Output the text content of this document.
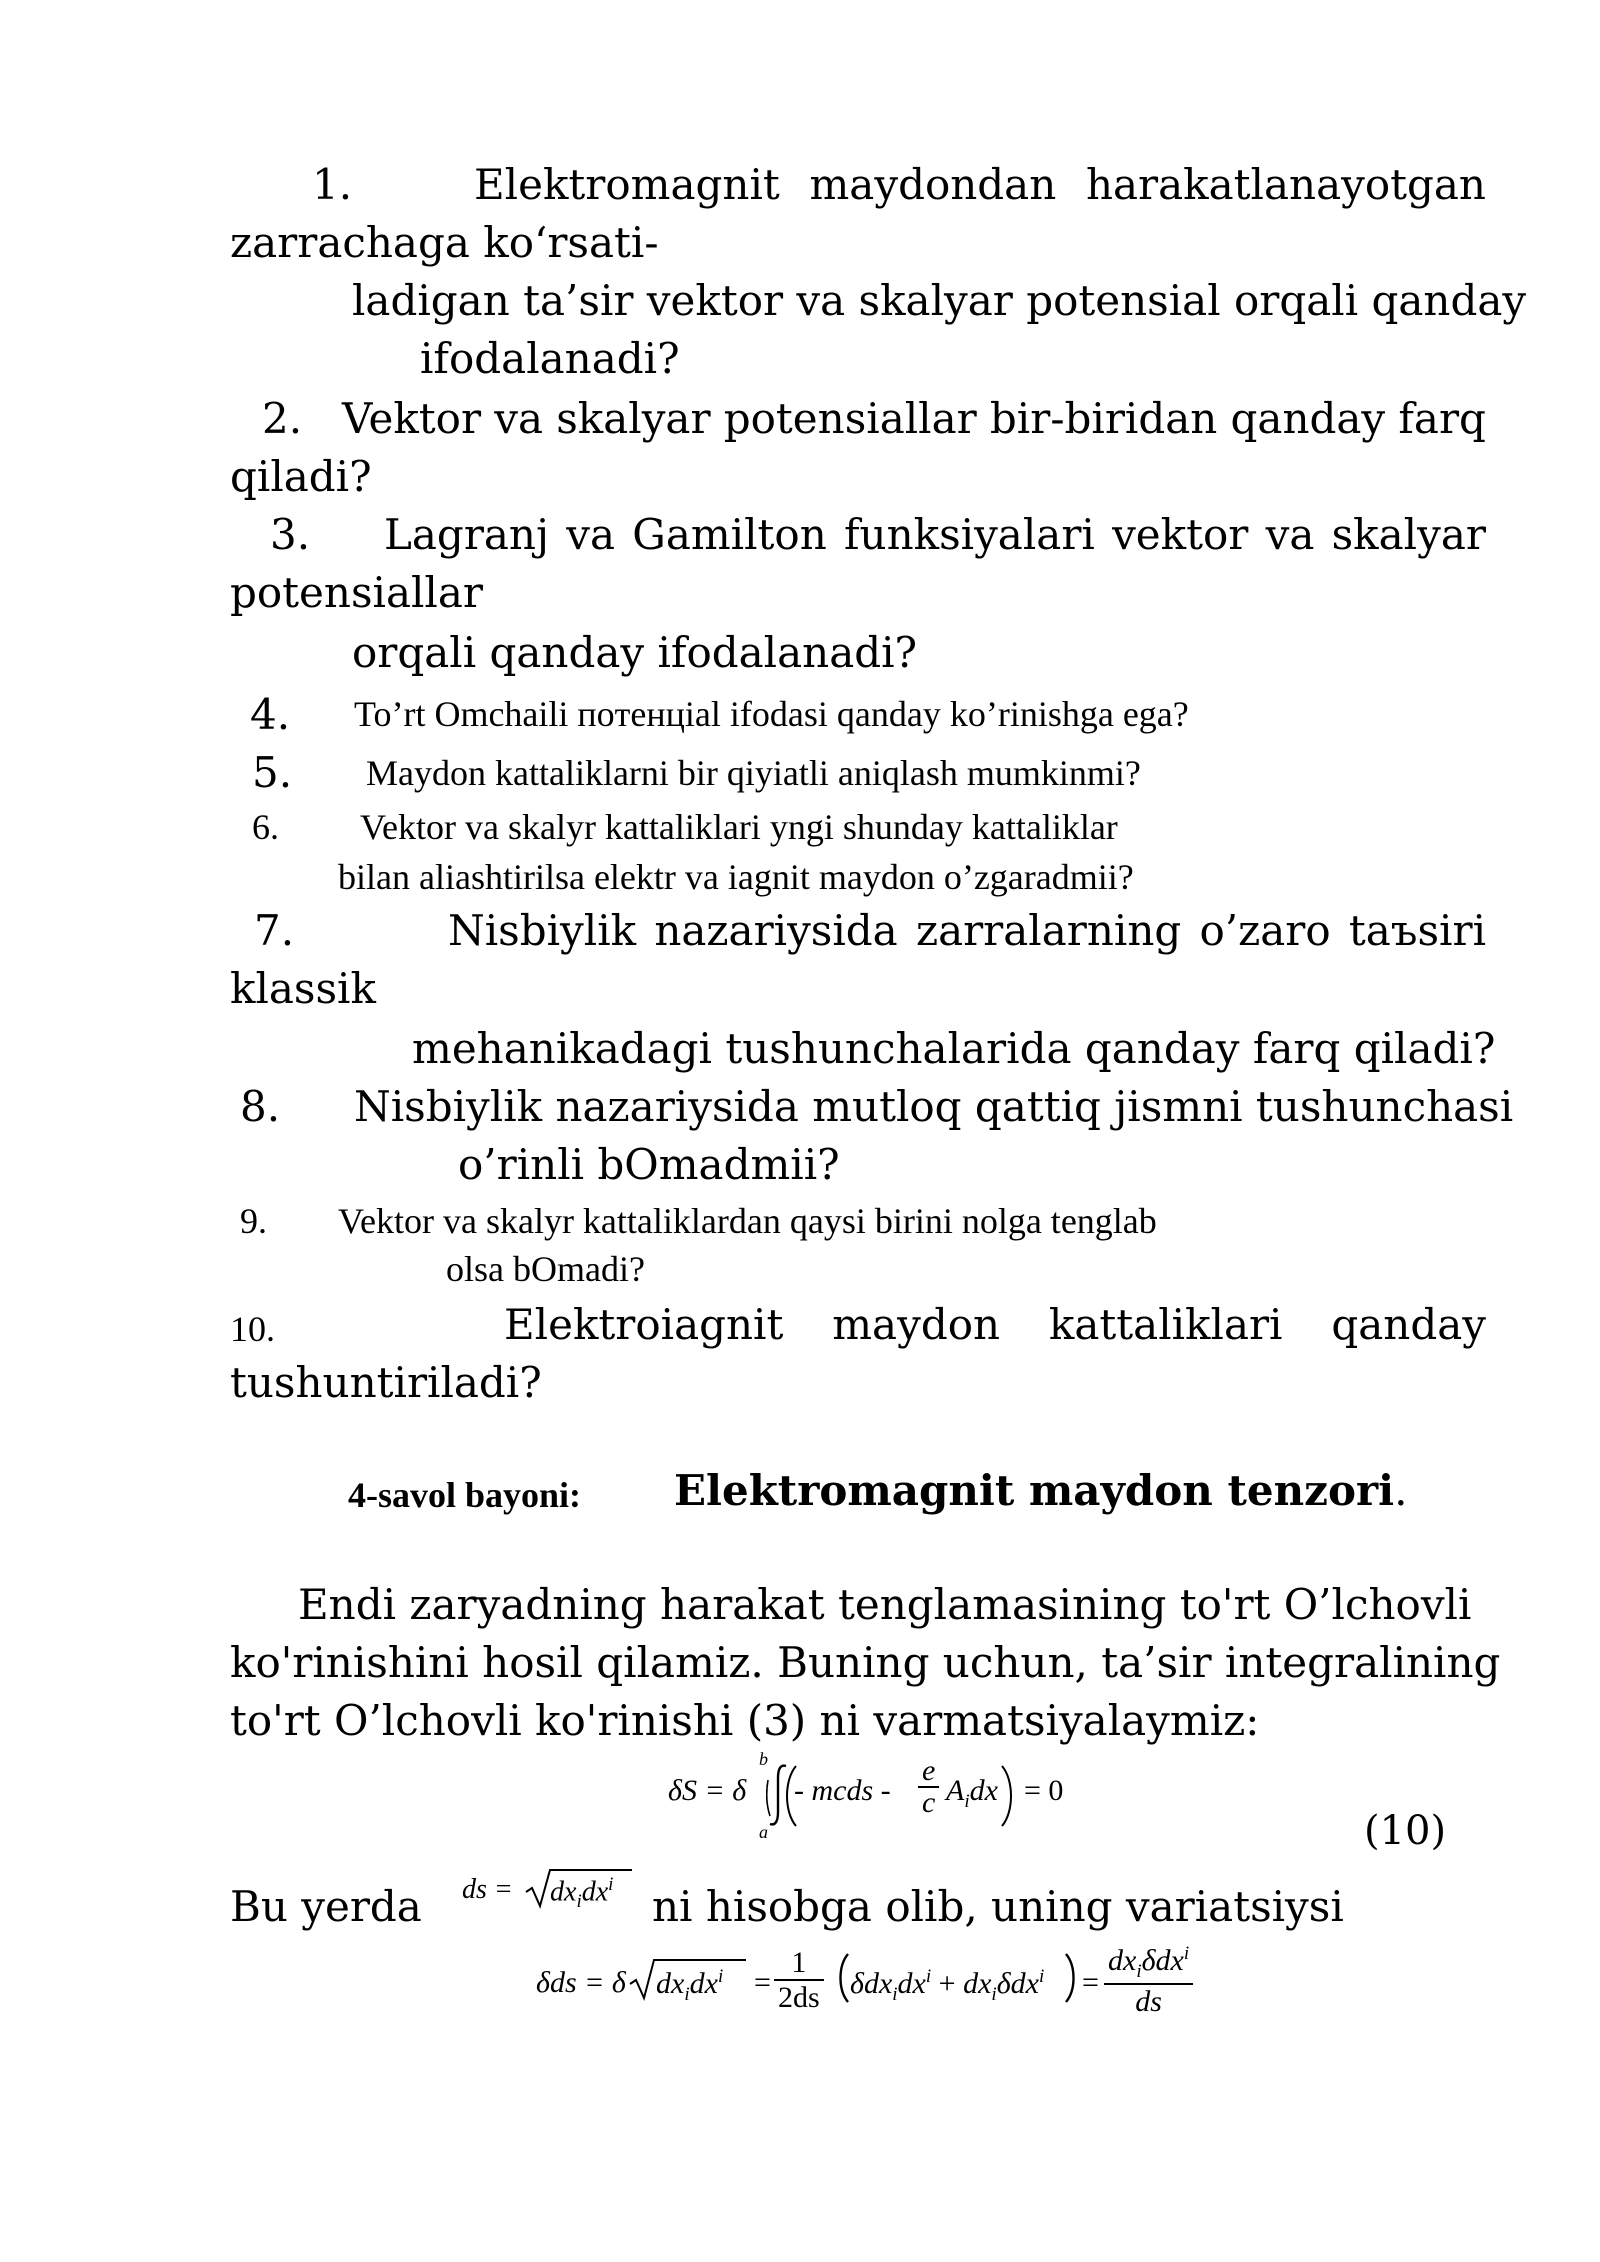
1.	Elektromagnit maydondan harakatlanayotgan
zarrachaga ko‘rsati-
ladigan ta’sir vektor va skalyar potensial orqali qanday
ifodalanadi?
2. Vektor va skalyar potensiallar bir-biridan qanday farq
qiladi?
3. Lagranj va Gamilton funksiyalari vektor va skalyar
potensiallar
orqali qanday ifodalanadi?
4. To’rt Omchaili пoтeнцial ifodasi qanday ko’rinishga ega?
5. Maydon kattaliklarni bir qiyiatli aniqlash mumkinmi?
6. Vektor va skalyr kattaliklari yngi shunday kattaliklar
bilan aliashtirilsa elektr va iagnit maydon o’zgaradmii?
7.	Nisbiylik nazariysida zarralarning o’zaro taъsiri
klassik
mehanikadagi tushunchalarida qanday farq qiladi?
8. Nisbiylik nazariysida mutloq qattiq jismni tushunchasi
o’rinli bOmadmii?
9. Vektor va skalyr kattaliklardan qaysi birini nolga tenglab
olsa bOmadi?
10.	Elektroiagnit maydon kattaliklari qanday
tushuntiriladi?
4-savol bayoni: Elektromagnit maydon tenzori.
Endi zaryadning harakat tenglamasining to'rt O’lchovli
ko'rinishini hosil qilamiz. Buning uchun, ta’sir integralining
to'rt O’lchovli ko'rinishi (3) ni varmatsiyalaymiz:
δS = δ
b
a
- mcds - $\frac{e}{c} A_idx = 0$
(10)
Bu yerda ds = $dx_idx^i$ ni hisobga olib, uning variatsiysi
δds = δ $dx_idx^i = \frac{1}{2ds} \delta dx_idx^i + dx_i\delta dx^i = \frac{dx_i\delta dx^i}{ds}$
